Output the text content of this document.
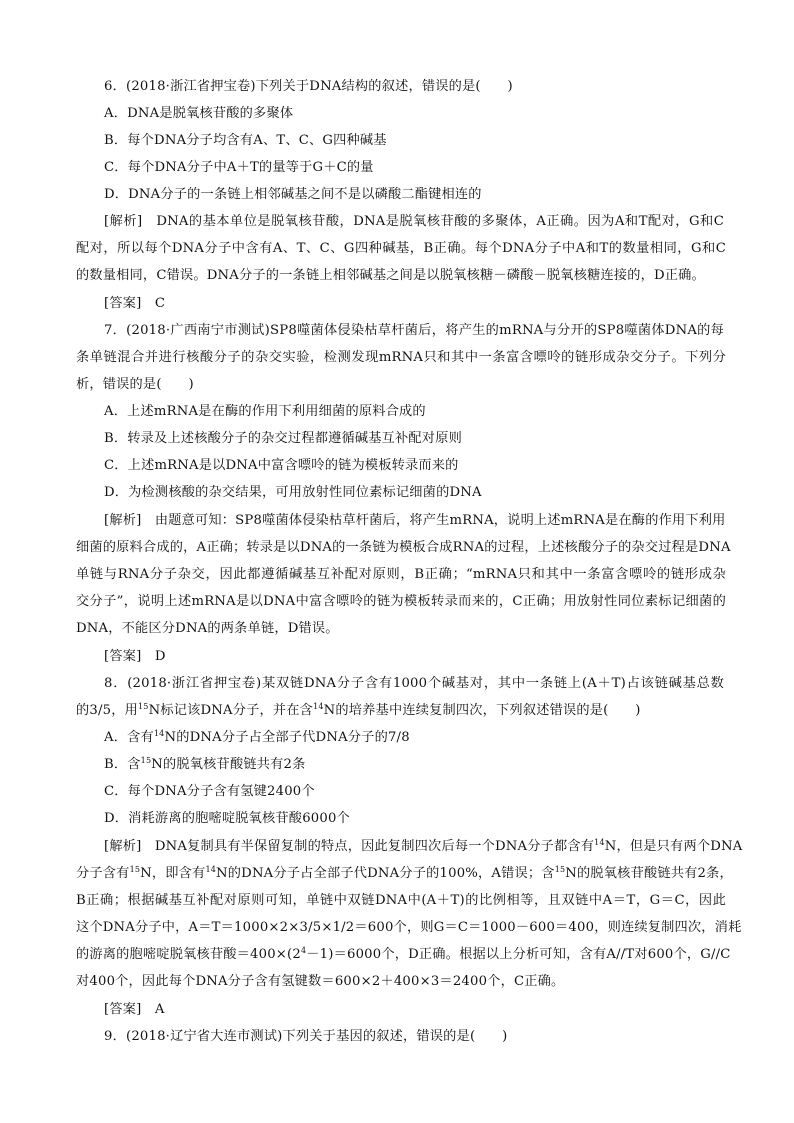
6．(2018·浙江省押宝卷)下列关于DNA结构的叙述，错误的是(　　)
A．DNA是脱氧核苷酸的多聚体
B．每个DNA分子均含有A、T、C、G四种碱基
C．每个DNA分子中A＋T的量等于G＋C的量
D．DNA分子的一条链上相邻碱基之间不是以磷酸二酯键相连的
[解析]　DNA的基本单位是脱氧核苷酸，DNA是脱氧核苷酸的多聚体，A正确。因为A和T配对，G和C
配对，所以每个DNA分子中含有A、T、C、G四种碱基，B正确。每个DNA分子中A和T的数量相同，G和C
的数量相同，C错误。DNA分子的一条链上相邻碱基之间是以脱氧核糖－磷酸－脱氧核糖连接的，D正确。
[答案]　C
7．(2018·广西南宁市测试)SP8噬菌体侵染枯草杆菌后，将产生的mRNA与分开的SP8噬菌体DNA的每
条单链混合并进行核酸分子的杂交实验，检测发现mRNA只和其中一条富含嘌呤的链形成杂交分子。下列分
析，错误的是(　　)
A．上述mRNA是在酶的作用下利用细菌的原料合成的
B．转录及上述核酸分子的杂交过程都遵循碱基互补配对原则
C．上述mRNA是以DNA中富含嘌呤的链为模板转录而来的
D．为检测核酸的杂交结果，可用放射性同位素标记细菌的DNA
[解析]　由题意可知：SP8噬菌体侵染枯草杆菌后，将产生mRNA，说明上述mRNA是在酶的作用下利用
细菌的原料合成的，A正确；转录是以DNA的一条链为模板合成RNA的过程，上述核酸分子的杂交过程是DNA
单链与RNA分子杂交，因此都遵循碱基互补配对原则，B正确；“mRNA只和其中一条富含嘌呤的链形成杂
交分子”，说明上述mRNA是以DNA中富含嘌呤的链为模板转录而来的，C正确；用放射性同位素标记细菌的
DNA，不能区分DNA的两条单链，D错误。
[答案]　D
8．(2018·浙江省押宝卷)某双链DNA分子含有1000个碱基对，其中一条链上(A＋T)占该链碱基总数
的3/5，用$^{15}$N标记该DNA分子，并在含$^{14}$N的培养基中连续复制四次，下列叙述错误的是(　　)
A．含有$^{14}$N的DNA分子占全部子代DNA分子的7/8
B．含$^{15}$N的脱氧核苷酸链共有2条
C．每个DNA分子含有氢键2400个
D．消耗游离的胞嘧啶脱氧核苷酸6000个
[解析]　DNA复制具有半保留复制的特点，因此复制四次后每一个DNA分子都含有$^{14}$N，但是只有两个DNA
分子含有$^{15}$N，即含有$^{14}$N的DNA分子占全部子代DNA分子的100%，A错误；含$^{15}$N的脱氧核苷酸链共有2条，
B正确；根据碱基互补配对原则可知，单链中双链DNA中(A＋T)的比例相等，且双链中A＝T，G＝C，因此
这个DNA分子中，A＝T＝1000×2×3/5×1/2＝600个，则G＝C＝1000－600＝400，则连续复制四次，消耗
的游离的胞嘧啶脱氧核苷酸$=400\times(2^4-1)=6000$个，D正确。根据以上分析可知，含有A//T对600个，G//C
对400个，因此每个DNA分子含有氢键数＝600×2＋400×3＝2400个，C正确。
[答案]　A
9．(2018·辽宁省大连市测试)下列关于基因的叙述，错误的是(　　)
